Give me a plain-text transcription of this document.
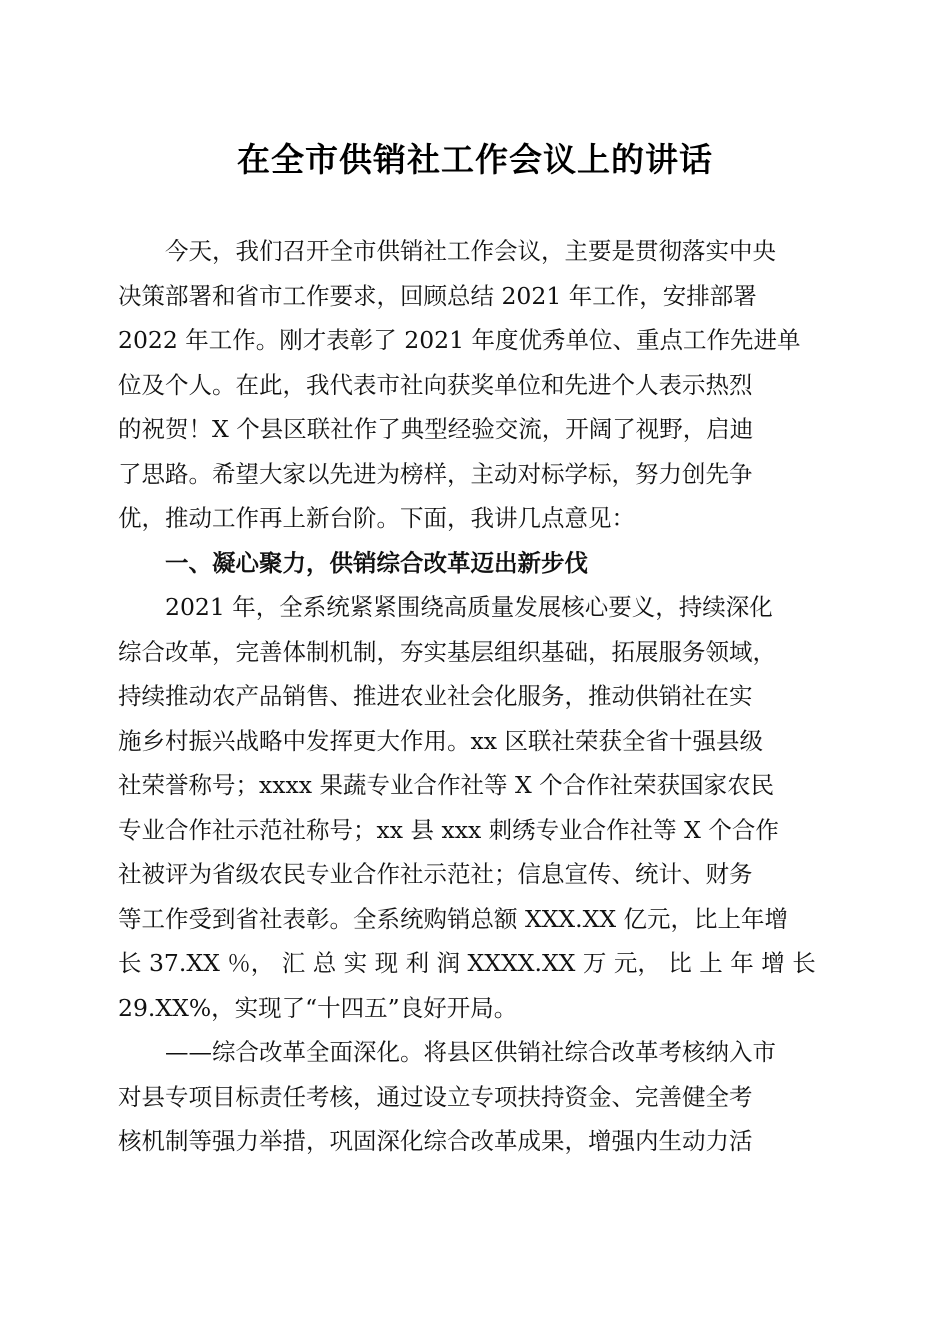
在全市供销社工作会议上的讲话
今天，我们召开全市供销社工作会议，主要是贯彻落实中央
决策部署和省市工作要求，回顾总结 2021 年工作，安排部署
2022 年工作。刚才表彰了 2021 年度优秀单位、重点工作先进单
位及个人。在此，我代表市社向获奖单位和先进个人表示热烈
的祝贺！X 个县区联社作了典型经验交流，开阔了视野，启迪
了思路。希望大家以先进为榜样，主动对标学标，努力创先争
优，推动工作再上新台阶。下面，我讲几点意见：
一、凝心聚力，供销综合改革迈出新步伐
2021 年，全系统紧紧围绕高质量发展核心要义，持续深化
综合改革，完善体制机制，夯实基层组织基础，拓展服务领域，
持续推动农产品销售、推进农业社会化服务，推动供销社在实
施乡村振兴战略中发挥更大作用。xx 区联社荣获全省十强县级
社荣誉称号；xxxx 果蔬专业合作社等 X 个合作社荣获国家农民
专业合作社示范社称号；xx 县 xxx 刺绣专业合作社等 X 个合作
社被评为省级农民专业合作社示范社；信息宣传、统计、财务
等工作受到省社表彰。全系统购销总额 XXX.XX 亿元，比上年增
长 37.XX ％， 汇 总 实 现 利 润 XXXX.XX 万 元， 比 上 年 增 长
29.XX%，实现了“十四五”良好开局。
——综合改革全面深化。将县区供销社综合改革考核纳入市
对县专项目标责任考核，通过设立专项扶持资金、完善健全考
核机制等强力举措，巩固深化综合改革成果，增强内生动力活
